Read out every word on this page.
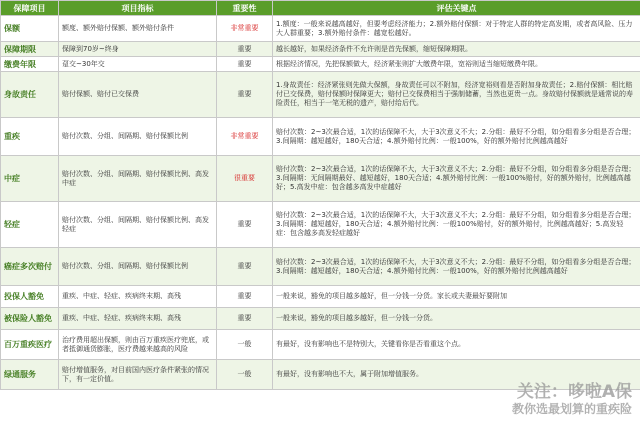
保障项目	项目指标	重要性	评估关键点
保额	额度、额外赔付保额、额外赔付条件	非常重要	1.额度：一般来说越高越好，但要考虑经济能力；2.额外赔付保额：对于特定人群的特定高发期，或者高风险、压力大人群重要；3.额外赔付条件：越宽松越好。
保障期限	保障到70岁~终身	重要	越长越好，如果经济条件不允许则是首先保额，缩短保障期限。
缴费年限	趸交~30年交	重要	根据经济情况，先把保额做大，经济紧张则扩大缴费年限，宽裕则适当缩短缴费年限。
身故责任	赔付保额、赔付已交保费	重要	1.身故责任：经济紧张则先做大保额，身故责任可以不附加，经济宽裕则看是否附加身故责任；2.赔付保额：相比赔付已交保费，赔付保额时保障更大；赔付已交保费相当于强制储蓄，当然也更贵一点。身故赔付保额就是通常说的寿险责任，相当于一笔无税的遗产，赔付给后代。
重疾	赔付次数、分组、间隔期、赔付保额比例	非常重要	赔付次数：2~3次最合适，1次的话保障不大，大于3次意义不大；2.分组：最好不分组，如分组看多分组是否合理；3.间隔期：越短越好，180天合适；4.额外赔付比例：一般100%，好的额外赔付比例越高越好
中症	赔付次数、分组、间隔期、赔付保额比例、高发中症	很重要	赔付次数：2~3次最合适，1次的话保障不大，大于3次意义不大；2.分组：最好不分组，如分组看多分组是否合理；3.间隔期：无间隔期最好、越短越好，180天合适；4.额外赔付比例：一般100%赔付，好的额外赔付，比例越高越好；5.高发中症：包含越多高发中症越好
轻症	赔付次数、分组、间隔期、赔付保额比例、高发轻症	重要	赔付次数：2~3次最合适，1次的话保障不大，大于3次意义不大；2.分组：最好不分组，如分组看多分组是否合理；3.间隔期：越短越好，180天合适；4.额外赔付比例：一般100%赔付，好的额外赔付，比例越高越好；5.高发轻症：包含越多高发轻症越好
癌症多次赔付	赔付次数、分组、间隔期、赔付保额比例	重要	赔付次数：2~3次最合适，1次的话保障不大，大于3次意义不大；2.分组：最好不分组，如分组看多分组是否合理；3.间隔期：越短越好，180天合适；4.额外赔付比例：一般100%，好的额外赔付比例越高越好
投保人豁免	重疾、中症、轻症、疾病终末期、高残	重要	一般来说，豁免的项目越多越好，但一分钱一分货。家长或夫妻最好要附加
被保险人豁免	重疾、中症、轻症、疾病终末期、高残	重要	一般来说，豁免的项目越多越好，但一分钱一分货。
百万重疾医疗	治疗费用超出保额，则由百万重疾医疗兜底，或者抵御通货膨胀，医疗费越来越高的风险	一般	有最好，没有影响也不是特别大，关键看你是否看重这个点。
绿通服务	赔付增值服务，对目前国内医疗条件紧张的情况下，有一定价值。	一般	有最好，没有影响也不大，属于附加增值服务。
关注：哆啦A保
教你选最划算的重疾险
